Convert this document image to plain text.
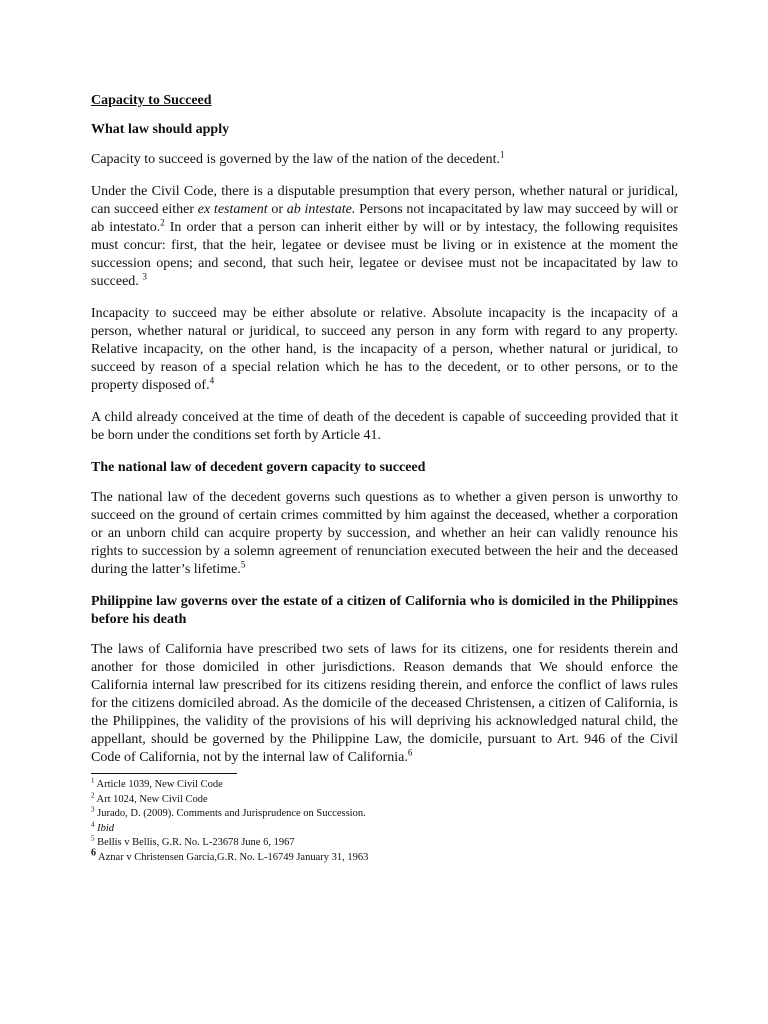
Capacity to Succeed
What law should apply

Capacity to succeed is governed by the law of the nation of the decedent.$^1$

Under the Civil Code, there is a disputable presumption that every person, whether natural or juridical, can succeed either ex testament or ab intestate. Persons not incapacitated by law may succeed by will or ab intestato.$^2$ In order that a person can inherit either by will or by intestacy, the following requisites must concur: first, that the heir, legatee or devisee must be living or in existence at the moment the succession opens; and second, that such heir, legatee or devisee must not be incapacitated by law to succeed. $^3$

Incapacity to succeed may be either absolute or relative. Absolute incapacity is the incapacity of a person, whether natural or juridical, to succeed any person in any form with regard to any property. Relative incapacity, on the other hand, is the incapacity of a person, whether natural or juridical, to succeed by reason of a special relation which he has to the decedent, or to other persons, or to the property disposed of.$^4$

A child already conceived at the time of death of the decedent is capable of succeeding provided that it be born under the conditions set forth by Article 41.

The national law of decedent govern capacity to succeed

The national law of the decedent governs such questions as to whether a given person is unworthy to succeed on the ground of certain crimes committed by him against the deceased, whether a corporation or an unborn child can acquire property by succession, and whether an heir can validly renounce his rights to succession by a solemn agreement of renunciation executed between the heir and the deceased during the latter’s lifetime.$^5$

Philippine law governs over the estate of a citizen of California who is domiciled in the Philippines before his death

The laws of California have prescribed two sets of laws for its citizens, one for residents therein and another for those domiciled in other jurisdictions. Reason demands that We should enforce the California internal law prescribed for its citizens residing therein, and enforce the conflict of laws rules for the citizens domiciled abroad. As the domicile of the deceased Christensen, a citizen of California, is the Philippines, the validity of the provisions of his will depriving his acknowledged natural child, the appellant, should be governed by the Philippine Law, the domicile, pursuant to Art. 946 of the Civil Code of California, not by the internal law of California.$^6$

$^1$ Article 1039, New Civil Code
$^2$ Art 1024, New Civil Code
$^3$ Jurado, D. (2009). Comments and Jurisprudence on Succession.
$^4$ Ibid
$^5$ Bellis v Bellis, G.R. No. L-23678 June 6, 1967
$^6$ Aznar v Christensen Garcia,G.R. No. L-16749 January 31, 1963
